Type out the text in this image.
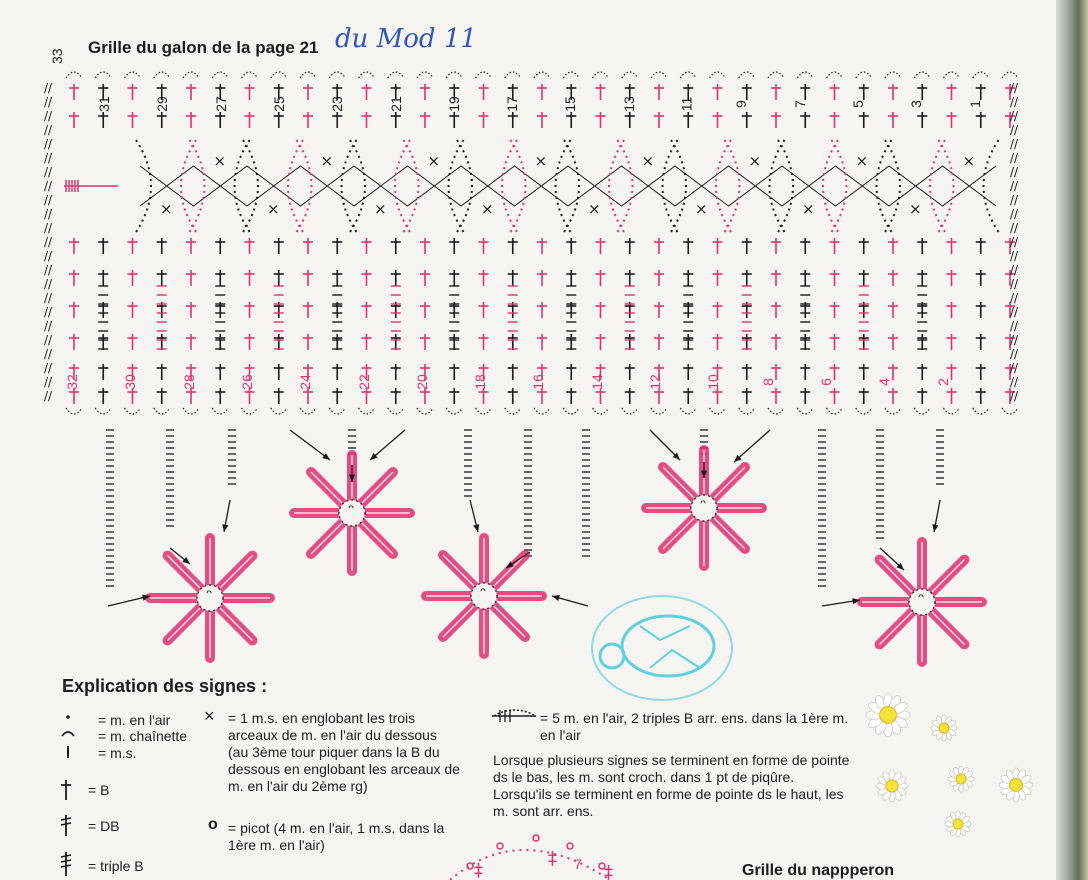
33 Grille du galon de la page 21 du Mod 11
//	//
//	//
//	//
//	//
//	//
//	//
//	//
//	//
//	//
//	//
//	//
//	//
//	//
//	//
//	//
//	//
//	//
//	//
//	//
//	//
//	//
//	//
//	//
×
×
×
×
×
×
×
×
×
×
×
×
×
×
×
×
ᴖ
ᴖ
ᴖ
ᴖ
ᴖ
‡
‡
‡
31	29	27	25	23	21	19	17	15	13	11	9	7	5	3	1
32	30	28	26	24	22	20	18	16	14	12	10	8	6	4	2
Explication des signes :
= m. en l'air
= m. chaînette
= m.s.
= B
= DB
= triple B
× = 1 m.s. en englobant les trois arceaux de m. en l'air du dessous (au 3ème tour piquer dans la B du dessous en englobant les arceaux de m. en l'air du 2ème rg)
o = picot (4 m. en l'air, 1 m.s. dans la 1ère m. en l'air)
= 5 m. en l'air, 2 triples B arr. ens. dans la 1ère m. en l'air
Lorsque plusieurs signes se terminent en forme de pointe ds le bas, les m. sont croch. dans 1 pt de piqûre. Lorsqu'ils se terminent en forme de pointe ds le haut, les m. sont arr. ens.
7	Grille du nappperon
